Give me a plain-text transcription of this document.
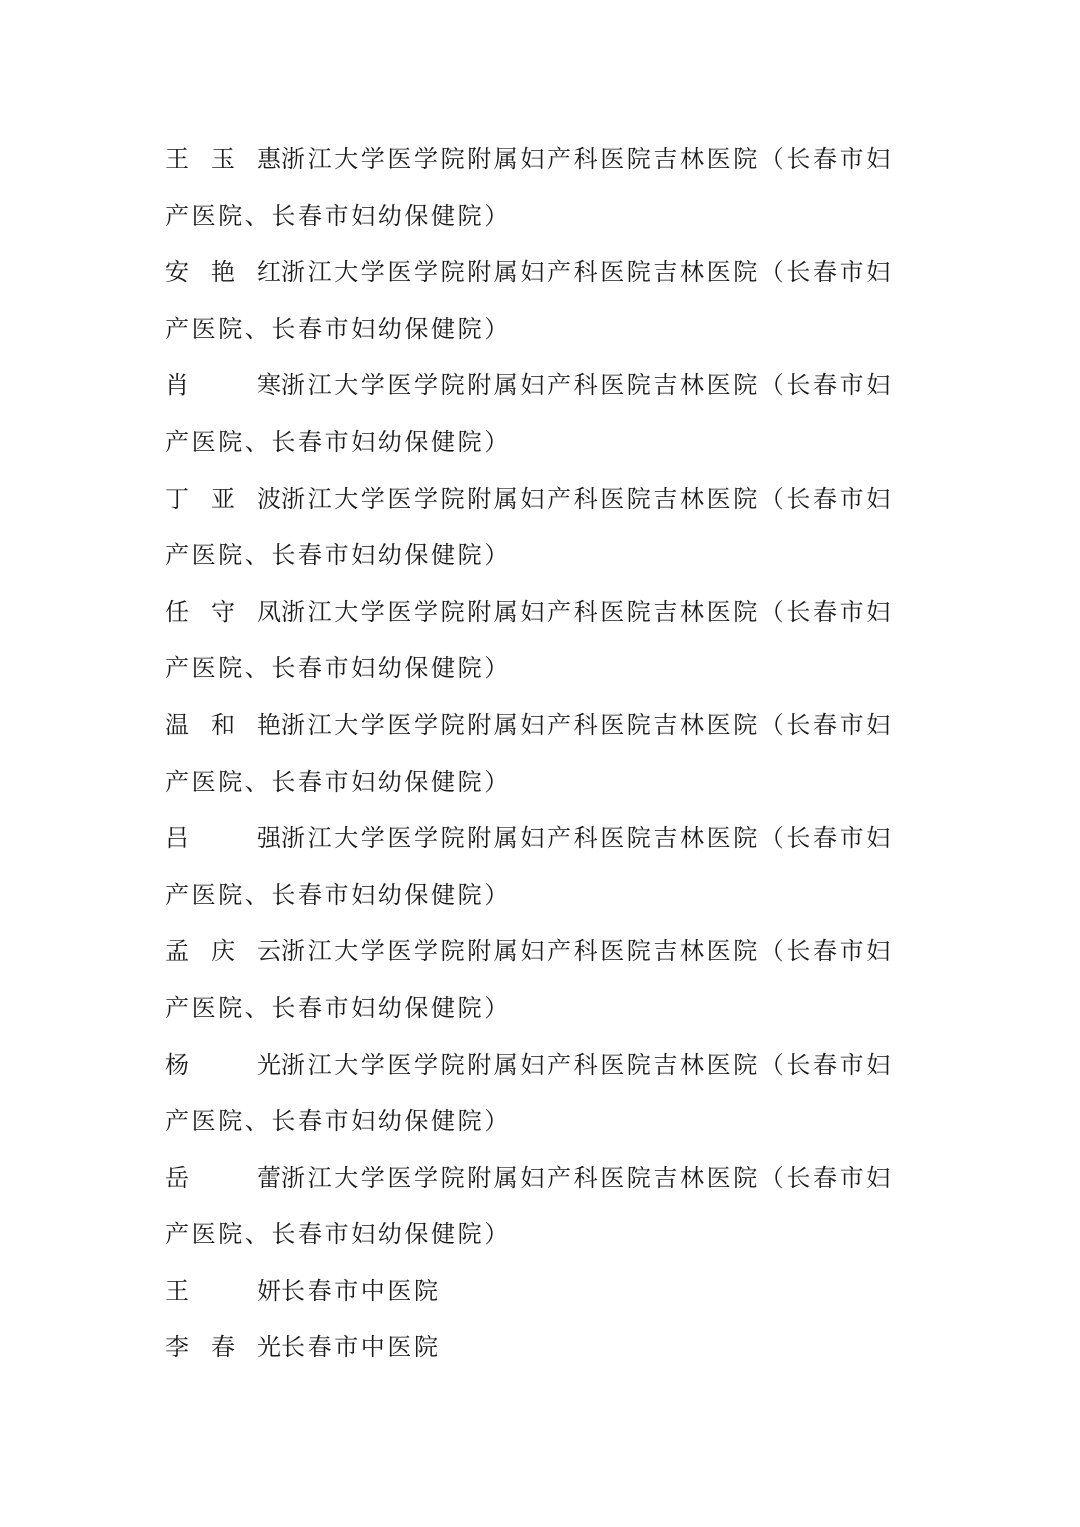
王玉惠浙江大学医学院附属妇产科医院吉林医院（长春市妇
产医院、长春市妇幼保健院）
安艳红浙江大学医学院附属妇产科医院吉林医院（长春市妇
产医院、长春市妇幼保健院）
肖　寒浙江大学医学院附属妇产科医院吉林医院（长春市妇
产医院、长春市妇幼保健院）
丁亚波浙江大学医学院附属妇产科医院吉林医院（长春市妇
产医院、长春市妇幼保健院）
任守凤浙江大学医学院附属妇产科医院吉林医院（长春市妇
产医院、长春市妇幼保健院）
温和艳浙江大学医学院附属妇产科医院吉林医院（长春市妇
产医院、长春市妇幼保健院）
吕　强浙江大学医学院附属妇产科医院吉林医院（长春市妇
产医院、长春市妇幼保健院）
孟庆云浙江大学医学院附属妇产科医院吉林医院（长春市妇
产医院、长春市妇幼保健院）
杨　光浙江大学医学院附属妇产科医院吉林医院（长春市妇
产医院、长春市妇幼保健院）
岳　蕾浙江大学医学院附属妇产科医院吉林医院（长春市妇
产医院、长春市妇幼保健院）
王　妍长春市中医院
李春光长春市中医院
